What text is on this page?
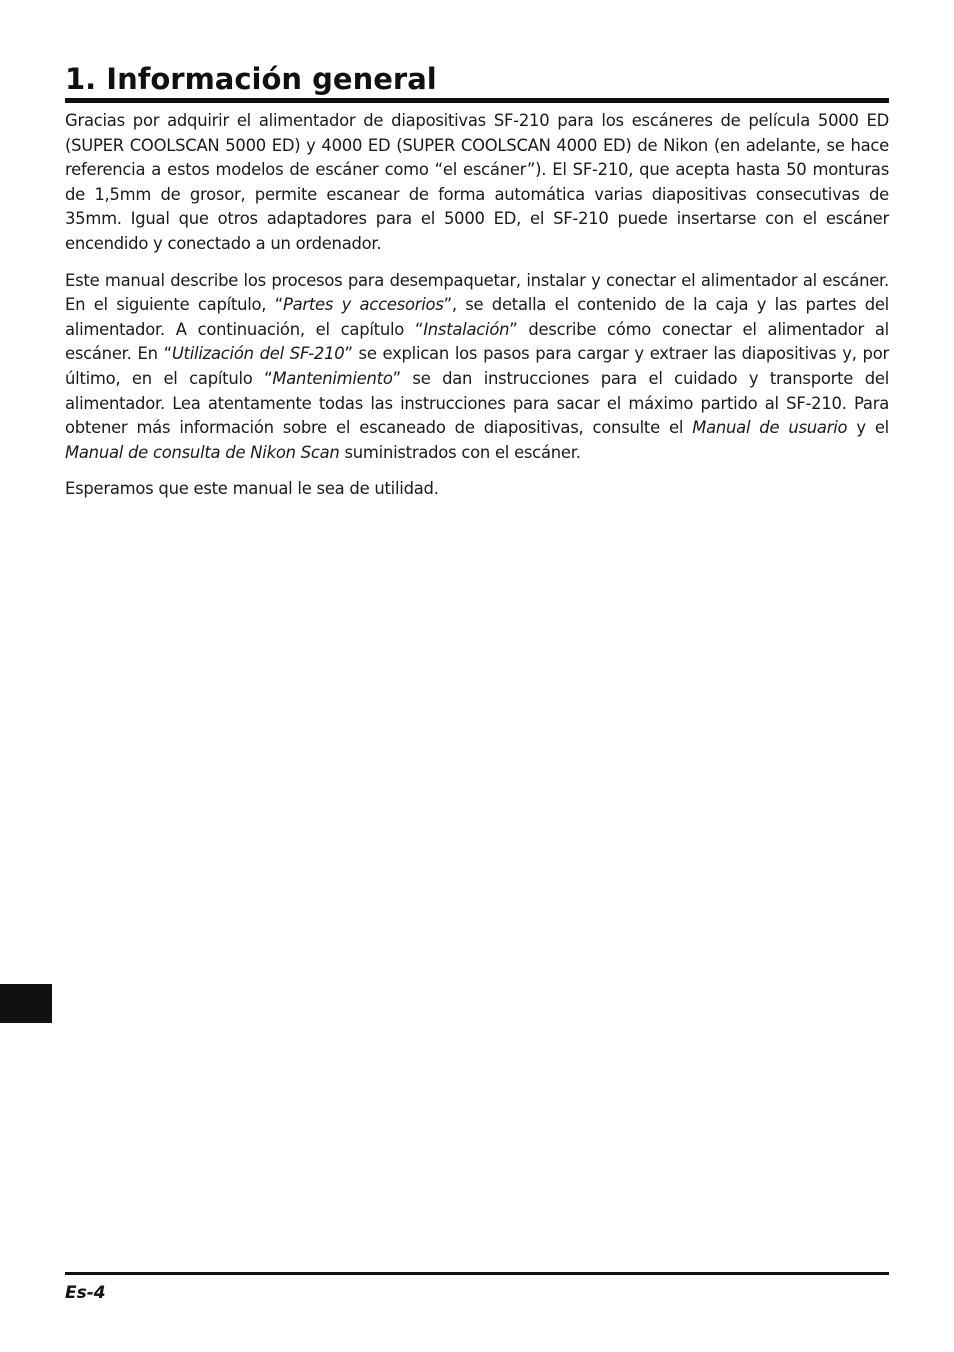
1. Información general

Gracias por adquirir el alimentador de diapositivas SF-210 para los escáneres de película 5000 ED (SUPER COOLSCAN 5000 ED) y 4000 ED (SUPER COOLSCAN 4000 ED) de Nikon (en adelante, se hace referencia a estos modelos de escáner como “el escáner”). El SF-210, que acepta hasta 50 monturas de 1,5mm de grosor, permite escanear de forma automática varias diapositivas consecutivas de 35mm. Igual que otros adaptadores para el 5000 ED, el SF-210 puede insertarse con el escáner encendido y conectado a un ordenador.

Este manual describe los procesos para desempaquetar, instalar y conectar el alimentador al escáner. En el siguiente capítulo, “Partes y accesorios”, se detalla el contenido de la caja y las partes del alimentador. A continuación, el capítulo “Instalación” describe cómo conectar el alimentador al escáner. En “Utilización del SF-210” se explican los pasos para cargar y extraer las diapositivas y, por último, en el capítulo “Mantenimiento” se dan instrucciones para el cuidado y transporte del alimentador. Lea atentamente todas las instrucciones para sacar el máximo partido al SF-210. Para obtener más información sobre el escaneado de diapositivas, consulte el Manual de usuario y el Manual de consulta de Nikon Scan suministrados con el escáner.

Esperamos que este manual le sea de utilidad.

Es-4
